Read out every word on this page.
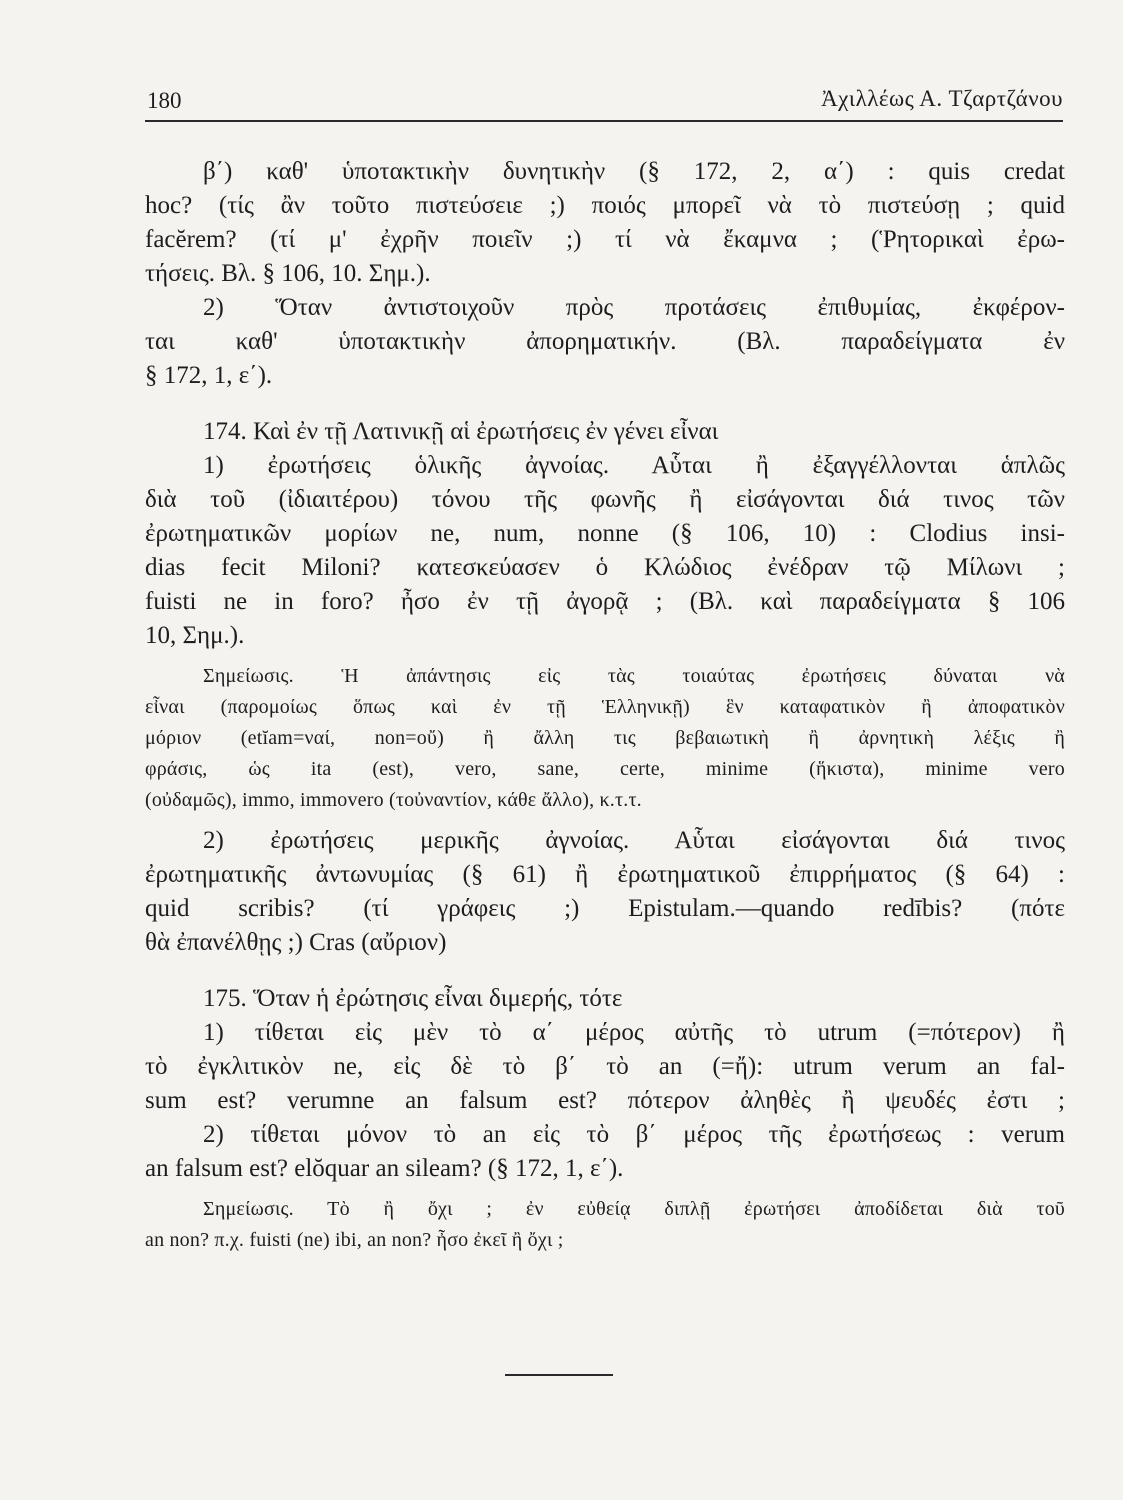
180	Ἀχιλλέως Α. Τζαρτζάνου
β΄) καθ' ὑποτακτικὴν δυνητικὴν (§ 172, 2, α΄) : quis credat
hoc? (τίς ἂν τοῦτο πιστεύσειε ;) ποιός μπορεῖ νὰ τὸ πιστεύσῃ ; quid
facĕrem? (τί μ' ἐχρῆν ποιεῖν ;) τί νὰ ἔκαμνα ; (Ῥητορικαὶ ἐρω-
τήσεις. Βλ. § 106, 10. Σημ.).
2) Ὅταν ἀντιστοιχοῦν πρὸς προτάσεις ἐπιθυμίας, ἐκφέρον-
ται καθ' ὑποτακτικὴν ἀπορηματικήν. (Βλ. παραδείγματα ἐν
§ 172, 1, ε΄).
174. Καὶ ἐν τῇ Λατινικῇ αἱ ἐρωτήσεις ἐν γένει εἶναι
1) ἐρωτήσεις ὁλικῆς ἀγνοίας. Αὗται ἢ ἐξαγγέλλονται ἁπλῶς
διὰ τοῦ (ἰδιαιτέρου) τόνου τῆς φωνῆς ἢ εἰσάγονται διά τινος τῶν
ἐρωτηματικῶν μορίων ne, num, nonne (§ 106, 10) : Clodius insi-
dias fecit Miloni? κατεσκεύασεν ὁ Κλώδιος ἐνέδραν τῷ Μίλωνι ;
fuisti ne in foro? ἦσο ἐν τῇ ἀγορᾷ ; (Βλ. καὶ παραδείγματα § 106
10, Σημ.).
Σημείωσις. Ἡ ἀπάντησις εἰς τὰς τοιαύτας ἐρωτήσεις δύναται νὰ
εἶναι (παρομοίως ὅπως καὶ ἐν τῇ Ἑλληνικῇ) ἓν καταφατικὸν ἢ ἀποφατικὸν
μόριον (etĭam=ναί, non=οὔ) ἢ ἄλλη τις βεβαιωτικὴ ἢ ἀρνητικὴ λέξις ἢ
φράσις, ὡς ita (est), vero, sane, certe, minime (ἥκιστα), minime vero
(οὐδαμῶς), immo, immovero (τοὐναντίον, κάθε ἄλλο), κ.τ.τ.
2) ἐρωτήσεις μερικῆς ἀγνοίας. Αὗται εἰσάγονται διά τινος
ἐρωτηματικῆς ἀντωνυμίας (§ 61) ἢ ἐρωτηματικοῦ ἐπιρρήματος (§ 64) :
quid scribis? (τί γράφεις ;) Epistulam.—quando redībis? (πότε
θὰ ἐπανέλθῃς ;) Cras (αὔριον)
175. Ὅταν ἡ ἐρώτησις εἶναι διμερής, τότε
1) τίθεται εἰς μὲν τὸ α΄ μέρος αὐτῆς τὸ utrum (=πότερον) ἢ
τὸ ἐγκλιτικὸν ne, εἰς δὲ τὸ β΄ τὸ an (=ἤ): utrum verum an fal-
sum est? verumne an falsum est? πότερον ἀληθὲς ἢ ψευδές ἐστι ;
2) τίθεται μόνον τὸ an εἰς τὸ β΄ μέρος τῆς ἐρωτήσεως : verum
an falsum est? elŏquar an sileam? (§ 172, 1, ε΄).
Σημείωσις. Τὸ ἢ ὄχι ; ἐν εὐθείᾳ διπλῇ ἐρωτήσει ἀποδίδεται διὰ τοῦ
an non? π.χ. fuisti (ne) ibi, an non? ἦσο ἐκεῖ ἢ ὄχι ;
